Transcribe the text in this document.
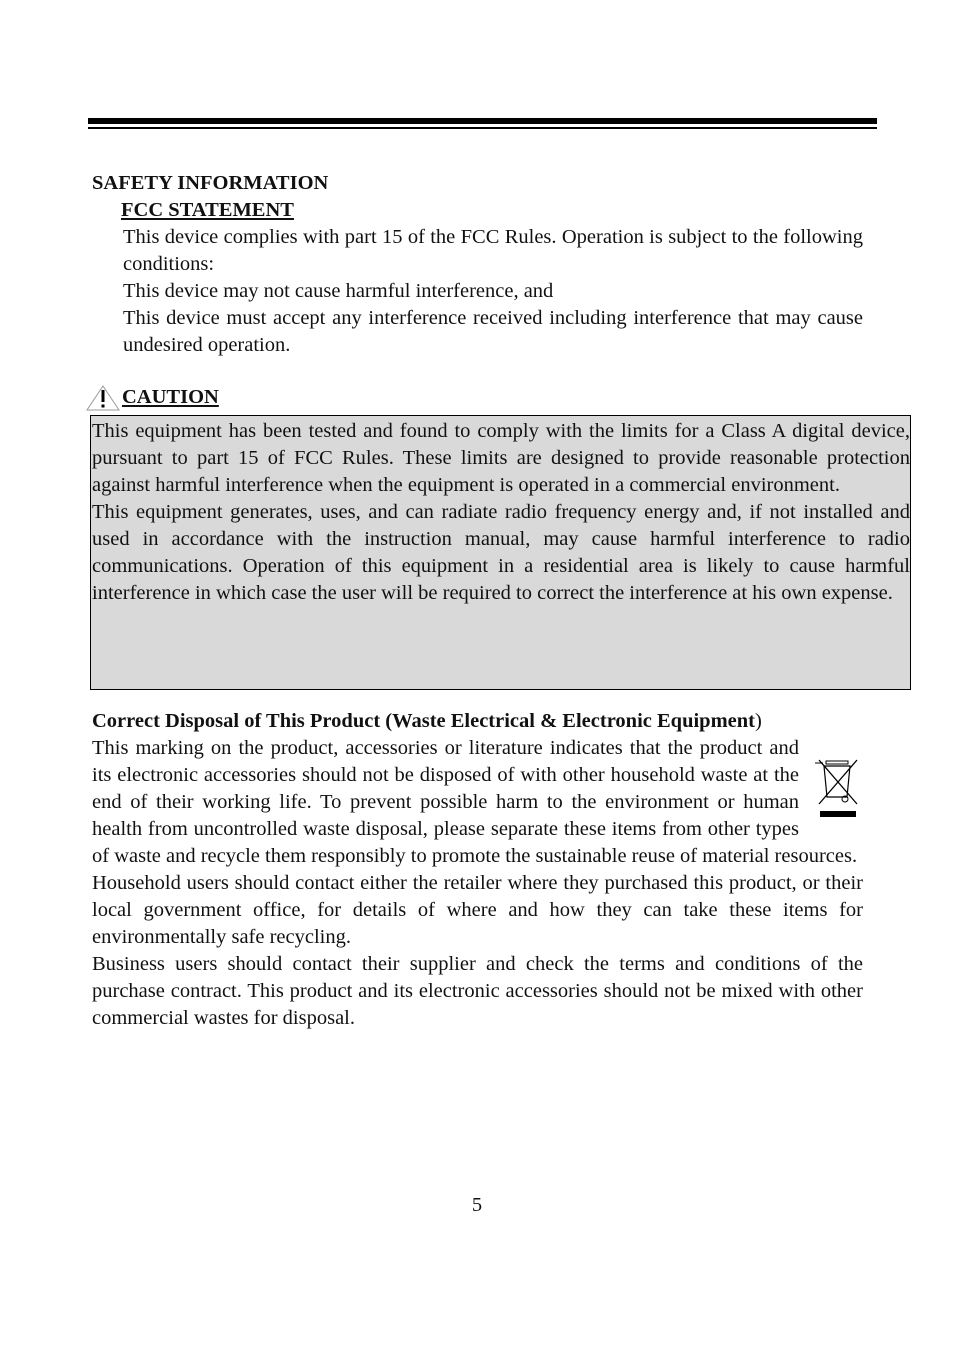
SAFETY INFORMATION
FCC STATEMENT

This device complies with part 15 of the FCC Rules. Operation is subject to the following conditions:

This device may not cause harmful interference, and

This device must accept any interference received including interference that may cause undesired operation.

CAUTION

This equipment has been tested and found to comply with the limits for a Class A digital device, pursuant to part 15 of FCC Rules. These limits are designed to provide reasonable protection against harmful interference when the equipment is operated in a commercial environment.

This equipment generates, uses, and can radiate radio frequency energy and, if not installed and used in accordance with the instruction manual, may cause harmful interference to radio communications. Operation of this equipment in a residential area is likely to cause harmful interference in which case the user will be required to correct the interference at his own expense.

Correct Disposal of This Product (Waste Electrical & Electronic Equipment)

This marking on the product, accessories or literature indicates that the product and its electronic accessories should not be disposed of with other household waste at the end of their working life. To prevent possible harm to the environment or human health from uncontrolled waste disposal, please separate these items from other types of waste and recycle them responsibly to promote the sustainable reuse of material resources.

Household users should contact either the retailer where they purchased this product, or their local government office, for details of where and how they can take these items for environmentally safe recycling.

Business users should contact their supplier and check the terms and conditions of the purchase contract. This product and its electronic accessories should not be mixed with other commercial wastes for disposal.

5
